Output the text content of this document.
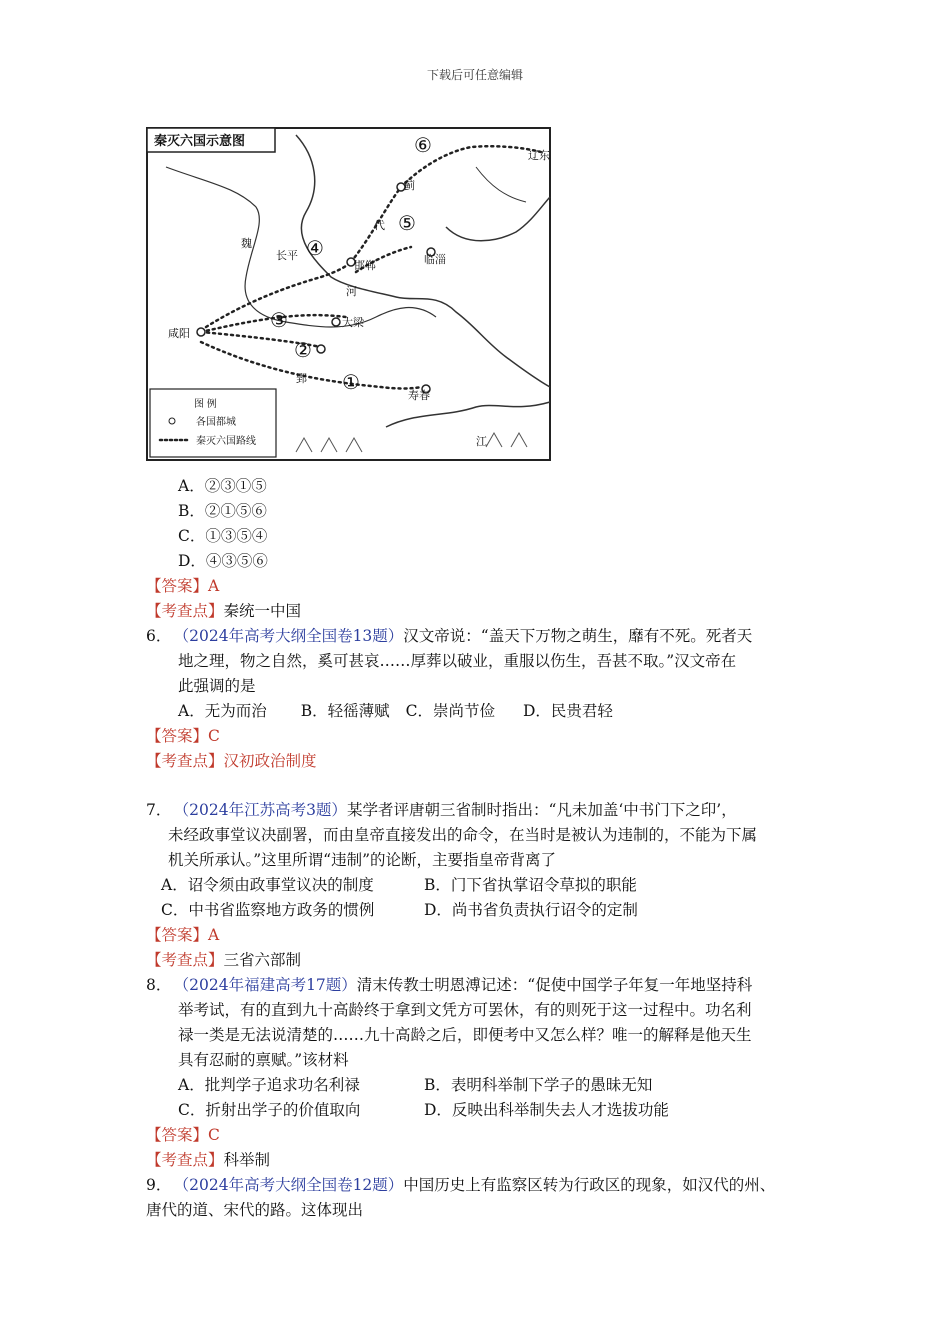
下载后可任意编辑
秦灭六国示意图
①
②
③
④
⑤
⑥
代
蓟
辽东
邯郸	临淄
长平
大梁
咸阳
郢
寿春
魏
河
江
图 例
各国都城
秦灭六国路线
A．②③①⑤
B．②①⑤⑥
C．①③⑤④
D．④③⑤⑥
【答案】A
【考查点】秦统一中国
6． （2024年高考大纲全国卷13题）汉文帝说：“盖天下万物之萌生，靡有不死。死者天
地之理，物之自然，奚可甚哀……厚葬以破业，重服以伤生，吾甚不取。”汉文帝在
此强调的是
A．无为而治 B．轻徭薄赋 C．崇尚节俭 D．民贵君轻
【答案】C
【考查点】汉初政治制度
7． （2024年江苏高考3题）某学者评唐朝三省制时指出：“凡未加盖‘中书门下之印’，
未经政事堂议决副署，而由皇帝直接发出的命令，在当时是被认为违制的，不能为下属
机关所承认。”这里所谓“违制”的论断，主要指皇帝背离了
A．诏令须由政事堂议决的制度	B．门下省执掌诏令草拟的职能
C．中书省监察地方政务的惯例	D．尚书省负责执行诏令的定制
【答案】A
【考查点】三省六部制
8． （2024年福建高考17题）清末传教士明恩溥记述：“促使中国学子年复一年地坚持科
举考试，有的直到九十高龄终于拿到文凭方可罢休，有的则死于这一过程中。功名利
禄一类是无法说清楚的……九十高龄之后，即便考中又怎么样？唯一的解释是他天生
具有忍耐的禀赋。”该材料
A．批判学子追求功名利禄	B．表明科举制下学子的愚昧无知
C．折射出学子的价值取向	D．反映出科举制失去人才选拔功能
【答案】C
【考查点】科举制
9． （2024年高考大纲全国卷12题）中国历史上有监察区转为行政区的现象，如汉代的州、
唐代的道、宋代的路。这体现出
